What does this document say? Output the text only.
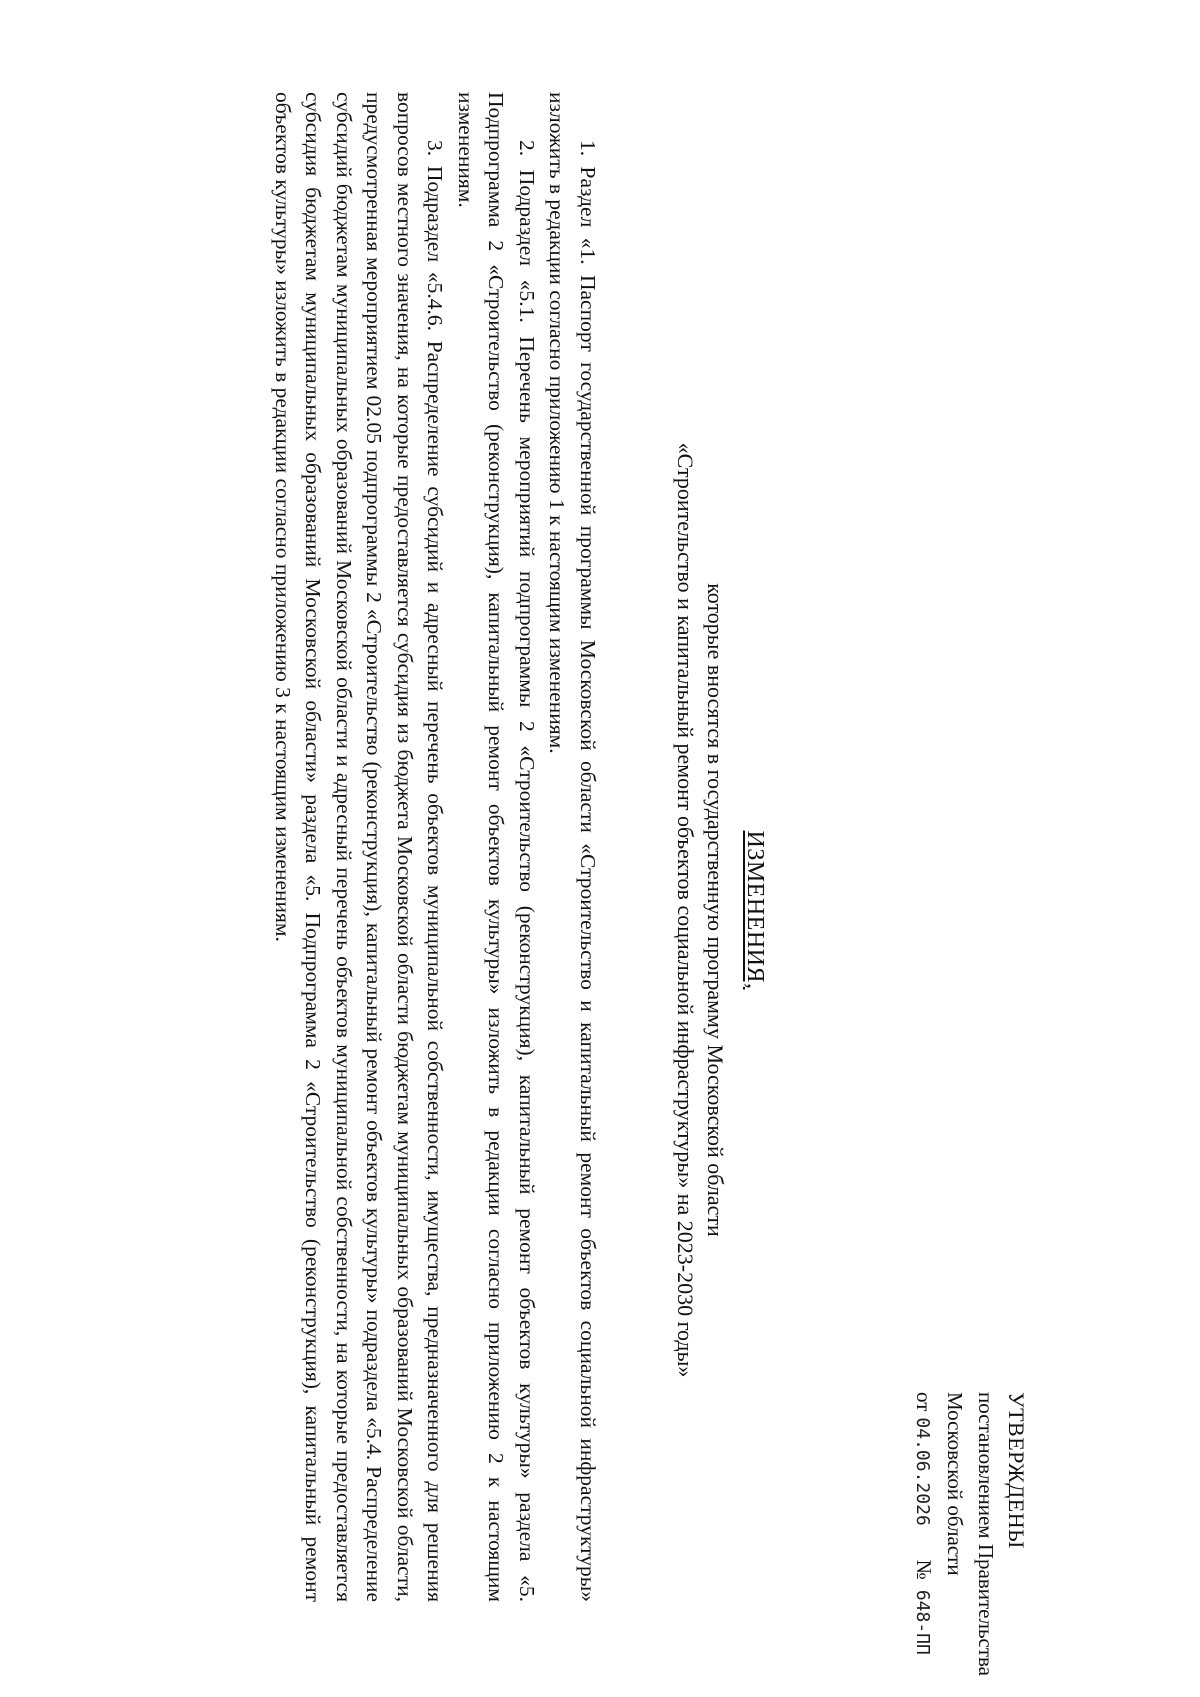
УТВЕРЖДЕНЫ
постановлением Правительства
Московской области
от
04.06.2026
№
648-ПП
ИЗМЕНЕНИЯ,
которые вносятся в государственную программу Московской области
«Строительство и капитальный ремонт объектов социальной инфраструктуры» на 2023-2030 годы»

1. Раздел «1. Паспорт государственной программы Московской области «Строительство и капитальный ремонт объектов социальной инфраструктуры» изложить в редакции согласно приложению 1 к настоящим изменениям.

2. Подраздел «5.1. Перечень мероприятий подпрограммы 2 «Строительство (реконструкция), капитальный ремонт объектов культуры» раздела «5. Подпрограмма 2 «Строительство (реконструкция), капитальный ремонт объектов культуры» изложить в редакции согласно приложению 2 к настоящим изменениям.

3. Подраздел «5.4.6. Распределение субсидий и адресный перечень объектов муниципальной собственности, имущества, предназначенного для решения вопросов местного значения, на которые предоставляется субсидия из бюджета Московской области бюджетам муниципальных образований Московской области, предусмотренная мероприятием 02.05 подпрограммы 2 «Строительство (реконструкция), капитальный ремонт объектов культуры» подраздела «5.4. Распределение субсидий бюджетам муниципальных образований Московской области и адресный перечень объектов муниципальной собственности, на которые предоставляется субсидия бюджетам муниципальных образований Московской области» раздела «5. Подпрограмма 2 «Строительство (реконструкция), капитальный ремонт объектов культуры» изложить в редакции согласно приложению 3 к настоящим изменениям.
